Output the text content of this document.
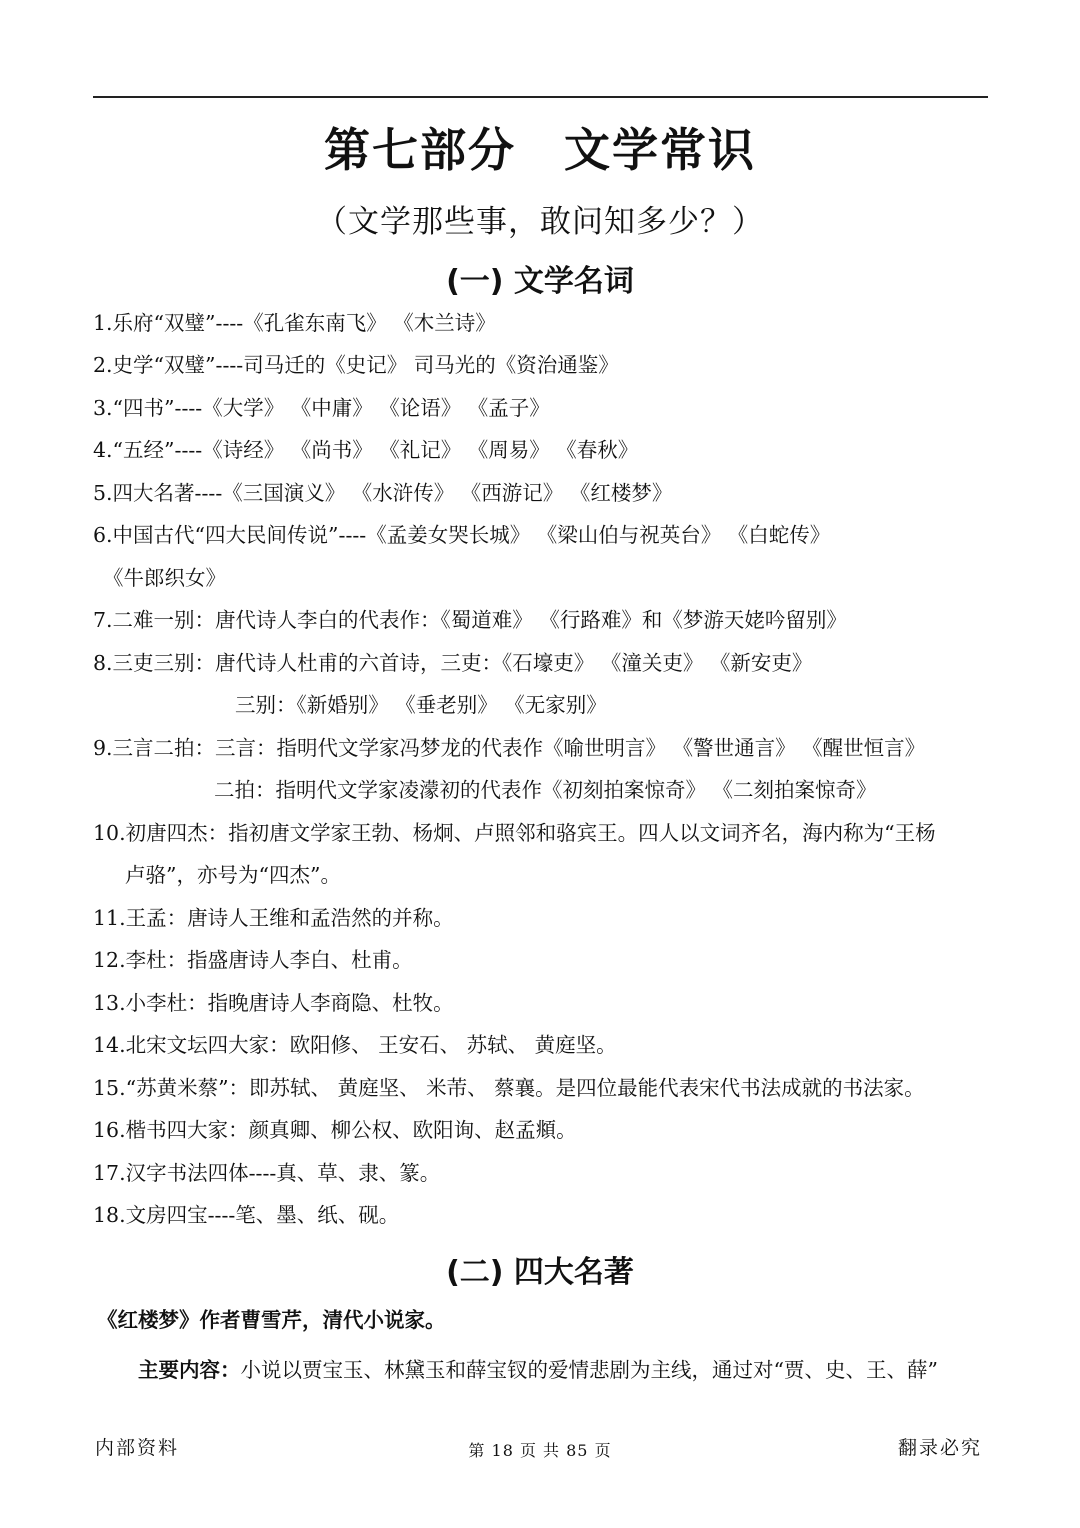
第七部分　文学常识
（文学那些事，敢问知多少？）
(一) 文学名词
1.乐府“双璧”----《孔雀东南飞》 《木兰诗》
2.史学“双璧”----司马迁的《史记》 司马光的《资治通鉴》
3.“四书”----《大学》 《中庸》 《论语》 《孟子》
4.“五经”----《诗经》 《尚书》 《礼记》 《周易》 《春秋》
5.四大名著----《三国演义》 《水浒传》 《西游记》 《红楼梦》
6.中国古代“四大民间传说”----《孟姜女哭长城》 《梁山伯与祝英台》 《白蛇传》
《牛郎织女》
7.二难一别：唐代诗人李白的代表作：《蜀道难》 《行路难》和《梦游天姥吟留别》
8.三吏三别：唐代诗人杜甫的六首诗，三吏：《石壕吏》 《潼关吏》 《新安吏》
三别：《新婚别》 《垂老别》 《无家别》
9.三言二拍：三言：指明代文学家冯梦龙的代表作《喻世明言》 《警世通言》 《醒世恒言》
二拍：指明代文学家凌濛初的代表作《初刻拍案惊奇》 《二刻拍案惊奇》
10.初唐四杰：指初唐文学家王勃、杨炯、卢照邻和骆宾王。四人以文词齐名，海内称为“王杨
卢骆”，亦号为“四杰”。
11.王孟：唐诗人王维和孟浩然的并称。
12.李杜：指盛唐诗人李白、杜甫。
13.小李杜：指晚唐诗人李商隐、杜牧。
14.北宋文坛四大家：欧阳修、 王安石、 苏轼、 黄庭坚。
15.“苏黄米蔡”：即苏轼、 黄庭坚、 米芾、 蔡襄。是四位最能代表宋代书法成就的书法家。
16.楷书四大家：颜真卿、柳公权、欧阳询、赵孟頫。
17.汉字书法四体----真、草、隶、篆。
18.文房四宝----笔、墨、纸、砚。
(二) 四大名著
《红楼梦》作者曹雪芹，清代小说家。
主要内容：小说以贾宝玉、林黛玉和薛宝钗的爱情悲剧为主线，通过对“贾、史、王、薛”
内部资料	第 18 页 共 85 页	翻录必究
